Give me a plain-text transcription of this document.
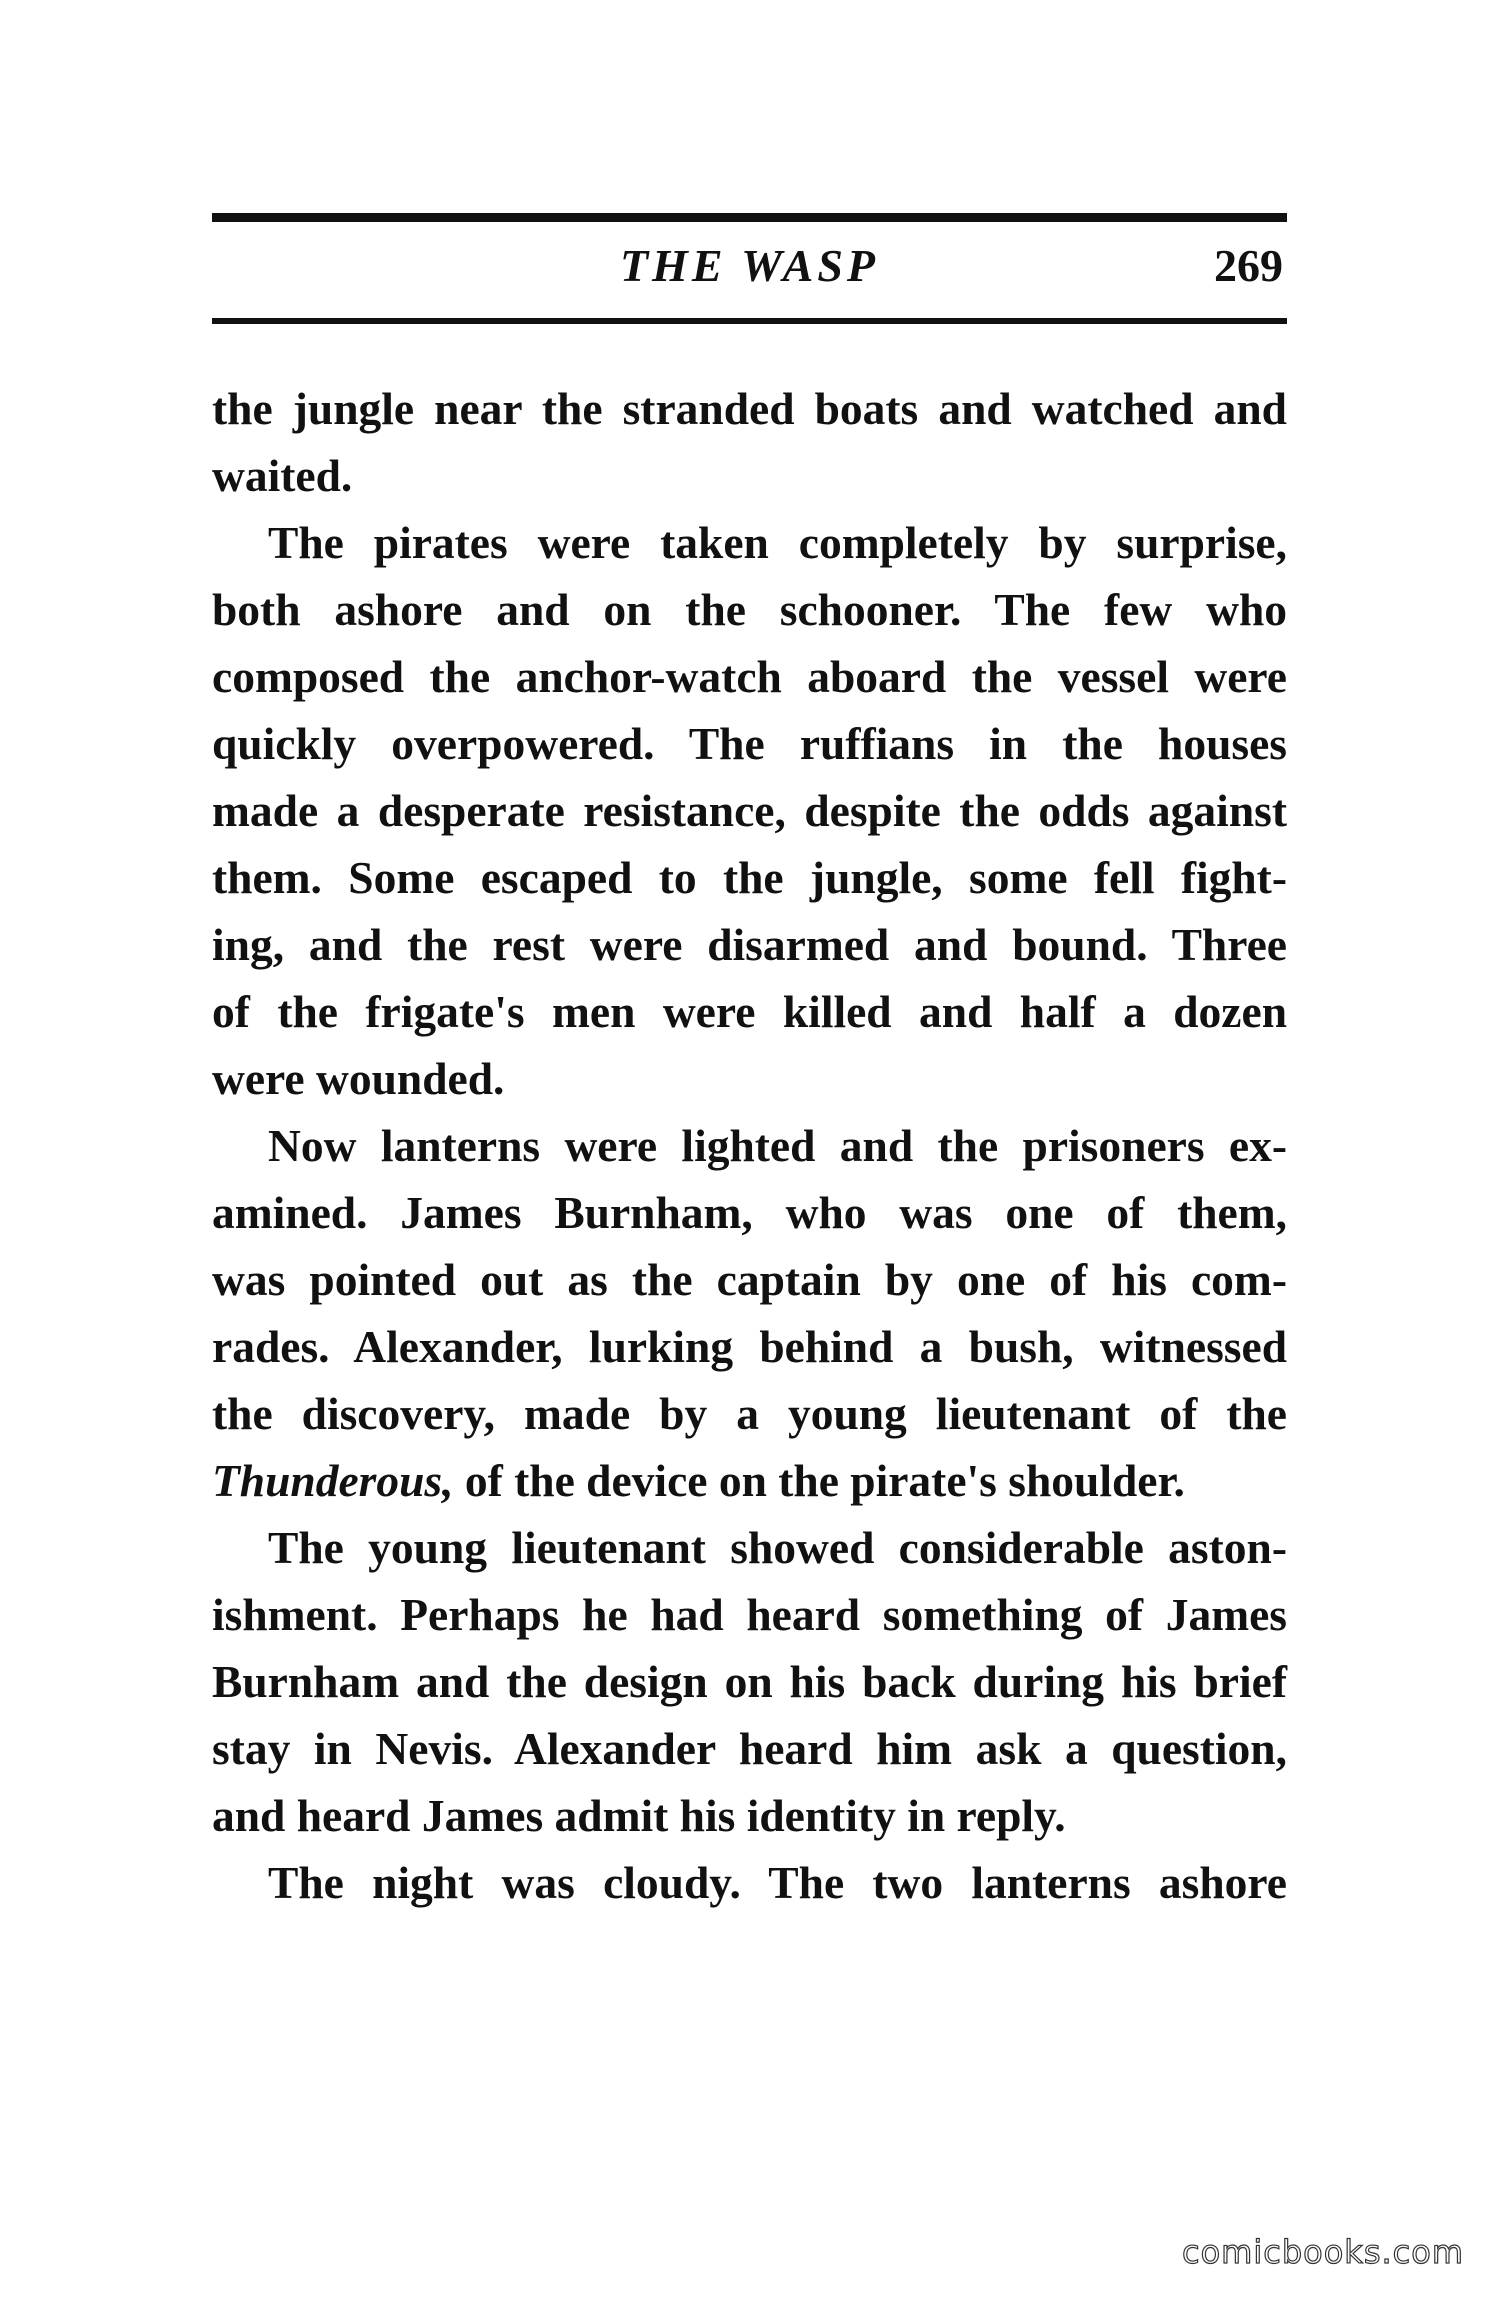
THE WASP	269
the jungle near the stranded boats and watched and
waited.
The pirates were taken completely by surprise,
both ashore and on the schooner. The few who
composed the anchor-watch aboard the vessel were
quickly overpowered. The ruffians in the houses
made a desperate resistance, despite the odds against
them. Some escaped to the jungle, some fell fight-
ing, and the rest were disarmed and bound. Three
of the frigate's men were killed and half a dozen
were wounded.
Now lanterns were lighted and the prisoners ex-
amined. James Burnham, who was one of them,
was pointed out as the captain by one of his com-
rades. Alexander, lurking behind a bush, witnessed
the discovery, made by a young lieutenant of the
Thunderous, of the device on the pirate's shoulder.
The young lieutenant showed considerable aston-
ishment. Perhaps he had heard something of James
Burnham and the design on his back during his brief
stay in Nevis. Alexander heard him ask a question,
and heard James admit his identity in reply.
The night was cloudy. The two lanterns ashore
comicbooks.com
